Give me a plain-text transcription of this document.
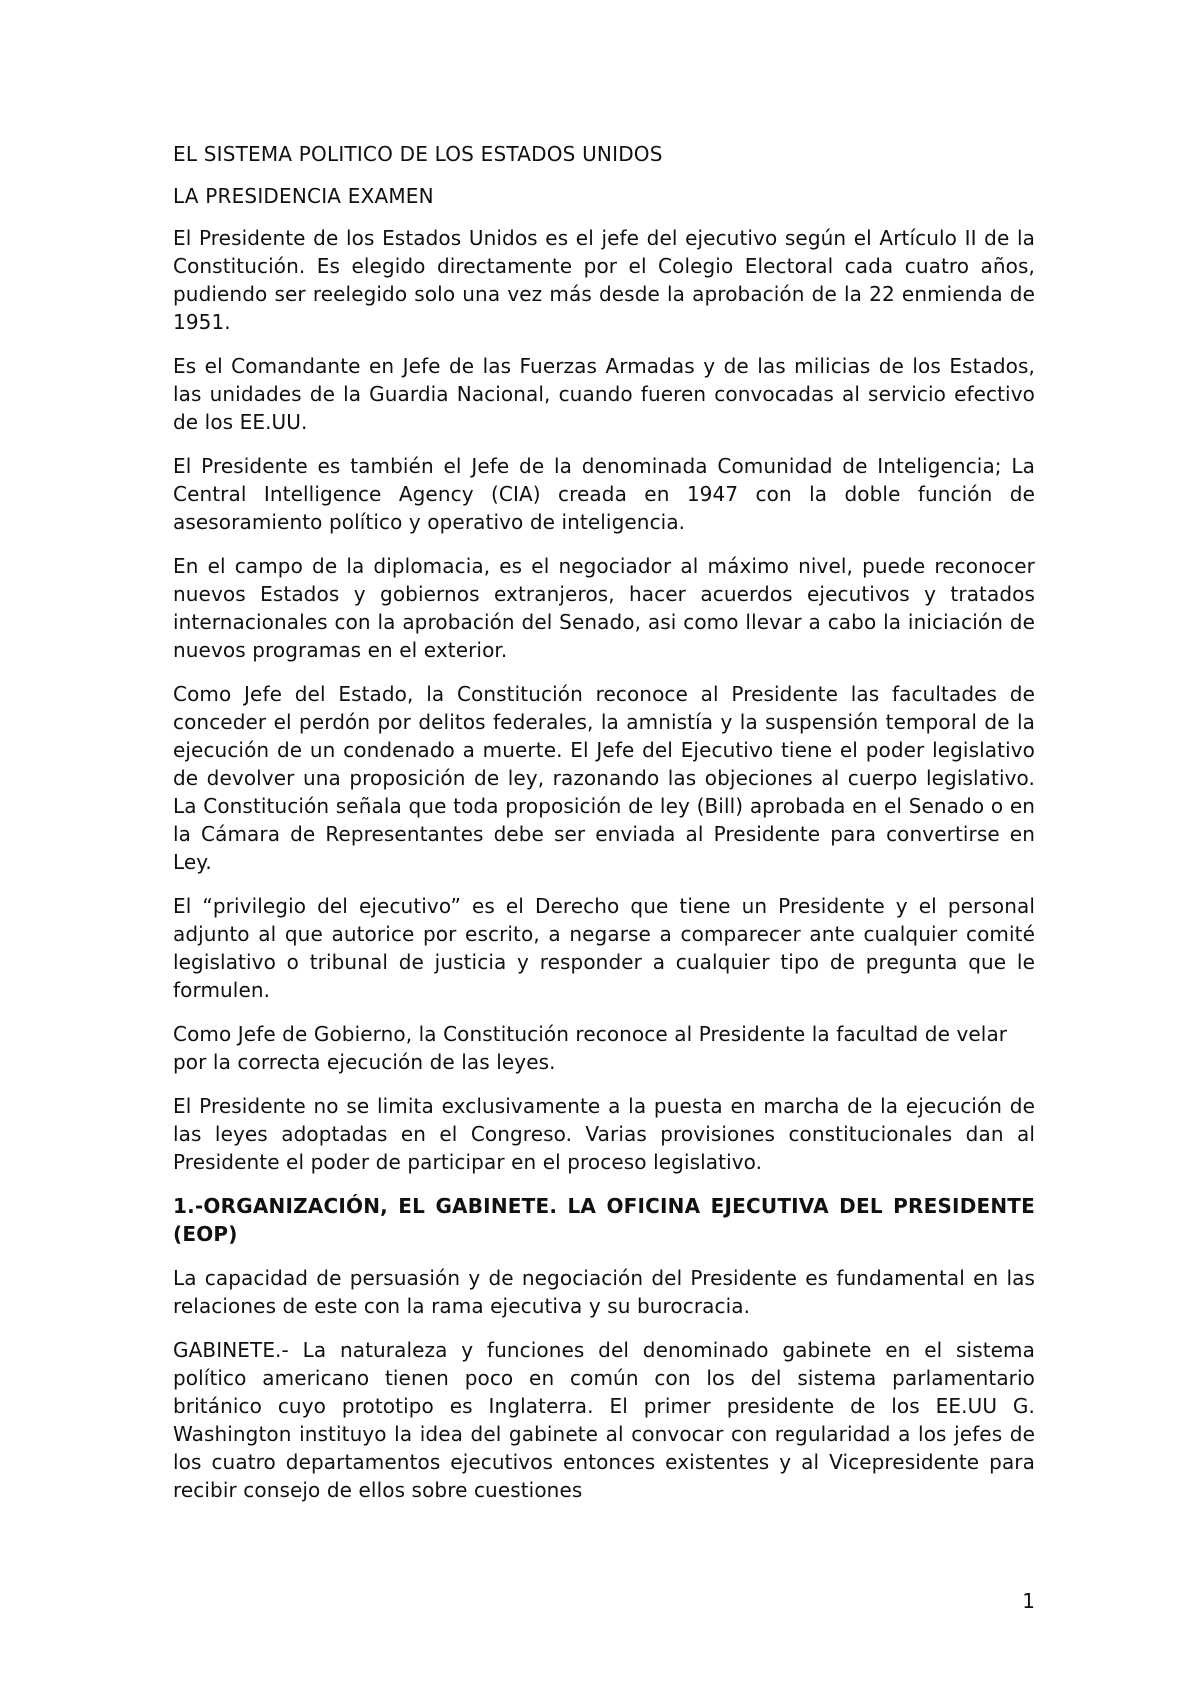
EL SISTEMA POLITICO DE LOS ESTADOS UNIDOS
LA PRESIDENCIA EXAMEN

El Presidente de los Estados Unidos es el jefe del ejecutivo según el Artículo II de la Constitución. Es elegido directamente por el Colegio Electoral cada cuatro años, pudiendo ser reelegido solo una vez más desde la aprobación de la 22 enmienda de 1951.

Es el Comandante en Jefe de las Fuerzas Armadas y de las milicias de los Estados, las unidades de la Guardia Nacional, cuando fueren convocadas al servicio efectivo de los EE.UU.

El Presidente es también el Jefe de la denominada Comunidad de Inteligencia; La Central Intelligence Agency (CIA) creada en 1947 con la doble función de asesoramiento político y operativo de inteligencia.

En el campo de la diplomacia, es el negociador al máximo nivel, puede reconocer nuevos Estados y gobiernos extranjeros, hacer acuerdos ejecutivos y tratados internacionales con la aprobación del Senado, asi como llevar a cabo la iniciación de nuevos programas en el exterior.

Como Jefe del Estado, la Constitución reconoce al Presidente las facultades de conceder el perdón por delitos federales, la amnistía y la suspensión temporal de la ejecución de un condenado a muerte. El Jefe del Ejecutivo tiene el poder legislativo de devolver una proposición de ley, razonando las objeciones al cuerpo legislativo. La Constitución señala que toda proposición de ley (Bill) aprobada en el Senado o en la Cámara de Representantes debe ser enviada al Presidente para convertirse en Ley.

El “privilegio del ejecutivo” es el Derecho que tiene un Presidente y el personal adjunto al que autorice por escrito, a negarse a comparecer ante cualquier comité legislativo o tribunal de justicia y responder a cualquier tipo de pregunta que le formulen.

Como Jefe de Gobierno, la Constitución reconoce al Presidente la facultad de velar por la correcta ejecución de las leyes.

El Presidente no se limita exclusivamente a la puesta en marcha de la ejecución de las leyes adoptadas en el Congreso. Varias provisiones constitucionales dan al Presidente el poder de participar en el proceso legislativo.

1.-ORGANIZACIÓN, EL GABINETE. LA OFICINA EJECUTIVA DEL PRESIDENTE (EOP)

La capacidad de persuasión y de negociación del Presidente es fundamental en las relaciones de este con la rama ejecutiva y su burocracia.

GABINETE.- La naturaleza y funciones del denominado gabinete en el sistema político americano tienen poco en común con los del sistema parlamentario británico cuyo prototipo es Inglaterra. El primer presidente de los EE.UU G. Washington instituyo la idea del gabinete al convocar con regularidad a los jefes de los cuatro departamentos ejecutivos entonces existentes y al Vicepresidente para recibir consejo de ellos sobre cuestiones

1
